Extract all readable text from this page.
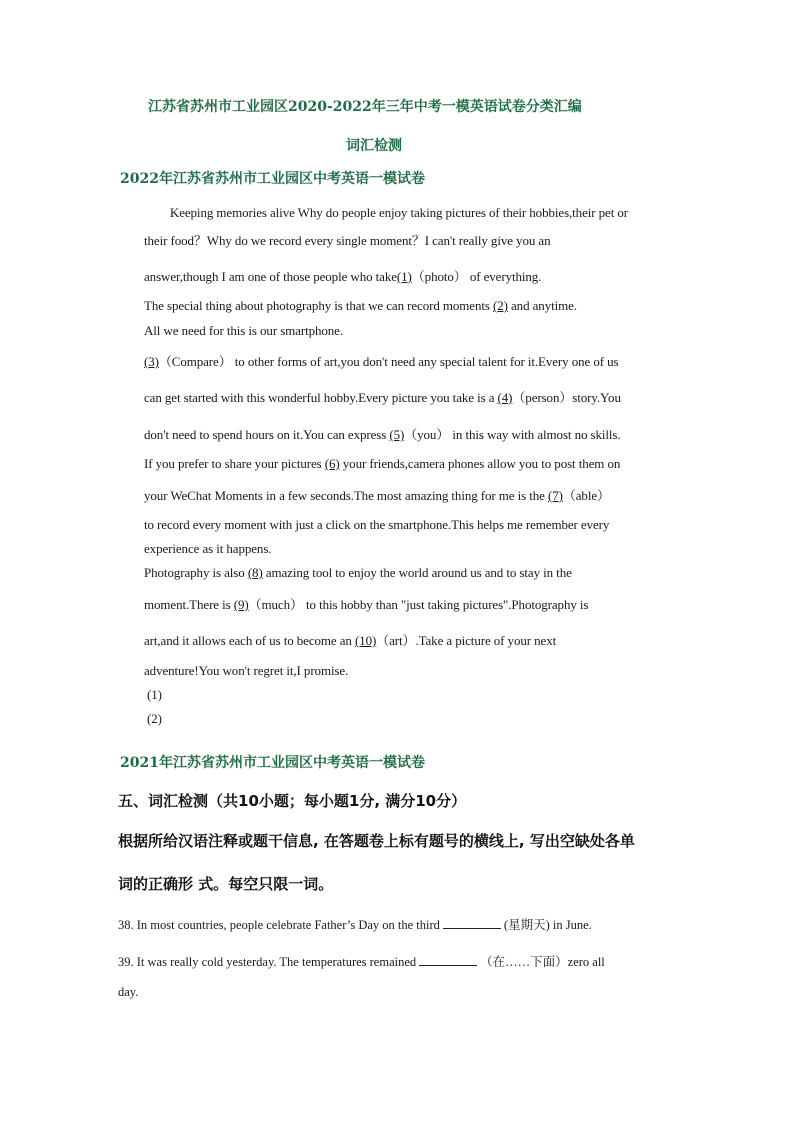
江苏省苏州市工业园区2020-2022年三年中考一模英语试卷分类汇编
词汇检测
2022年江苏省苏州市工业园区中考英语一模试卷
　Keeping memories alive Why do people enjoy taking pictures of their hobbies,their pet or
their food？Why do we record every single moment？I can't really give you an
answer,though I am one of those people who take(1)（photo） of everything.
The special thing about photography is that we can record moments (2) and anytime.
All we need for this is our smartphone.
(3)（Compare） to other forms of art,you don't need any special talent for it.Every one of us
can get started with this wonderful hobby.Every picture you take is a (4)（person）story.You
don't need to spend hours on it.You can express (5)（you） in this way with almost no skills.
If you prefer to share your pictures (6) your friends,camera phones allow you to post them on
your WeChat Moments in a few seconds.The most amazing thing for me is the (7)（able）
to record every moment with just a click on the smartphone.This helps me remember every
experience as it happens.
Photography is also (8) amazing tool to enjoy the world around us and to stay in the
moment.There is (9)（much） to this hobby than "just taking pictures".Photography is
art,and it allows each of us to become an (10)（art）.Take a picture of your next
adventure!You won't regret it,I promise.
(1)
(2)
2021年江苏省苏州市工业园区中考英语一模试卷
五、词汇检测（共10小题；每小题1分, 满分10分）
根据所给汉语注释或题干信息, 在答题卷上标有题号的横线上, 写出空缺处各单
词的正确形 式。每空只限一词。
38. In most countries, people celebrate Father’s Day on the third	(星期天) in June.
39. It was really cold yesterday. The temperatures remained	（在……下面）zero all
day.
